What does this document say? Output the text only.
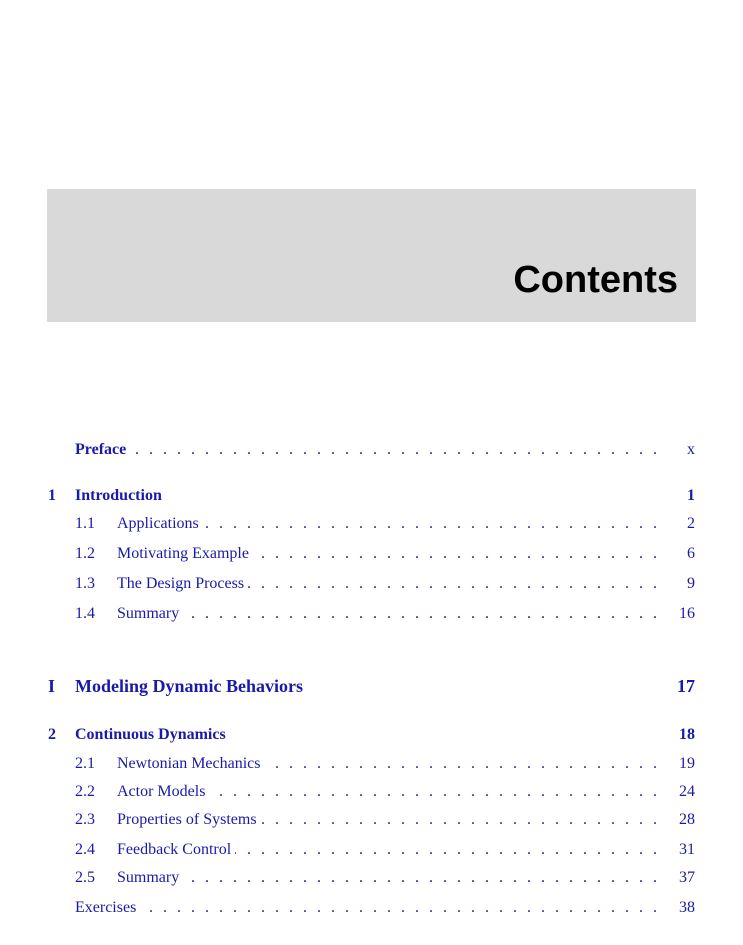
Contents
. . .
Preface	x
1 Introduction	1
1.1 . . . Applications	2
1.2 . . . Motivating Example	6
1.3 . . . The Design Process	9
1.4 . . . Summary	16
I Modeling Dynamic Behaviors	17
2 Continuous Dynamics	18
2.1 . . . Newtonian Mechanics	19
2.2 . . . Actor Models	24
2.3 . . . Properties of Systems	28
2.4 . . . Feedback Control	31
2.5 . . . Summary	37
. . .
Exercises	38
